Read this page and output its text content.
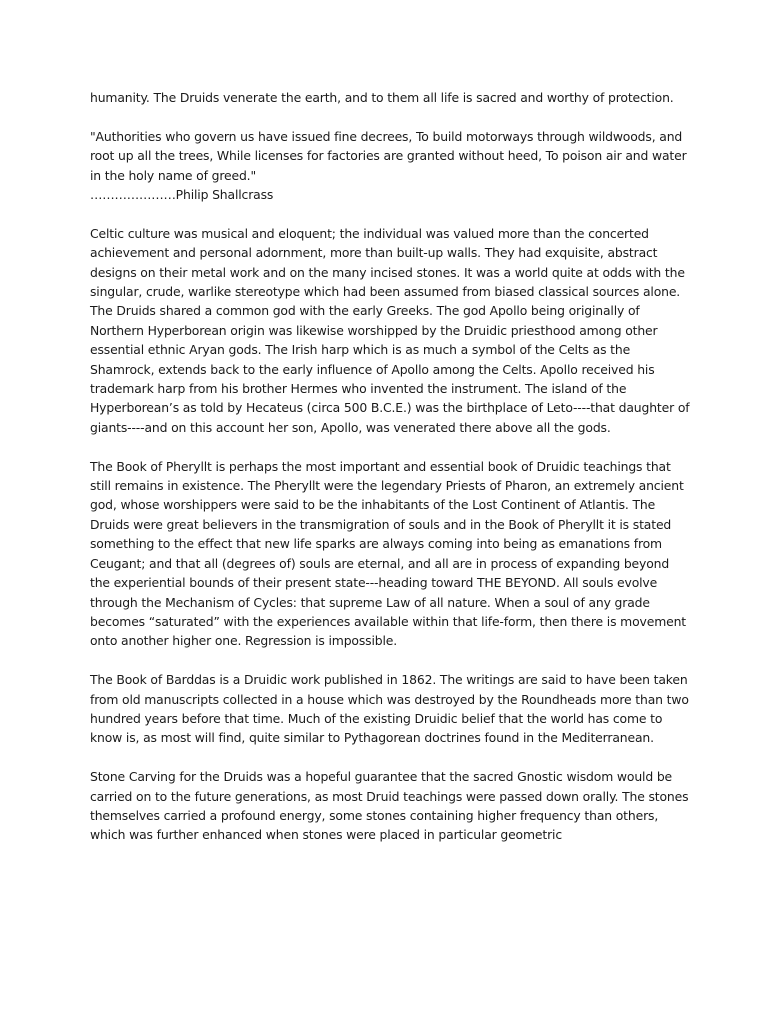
humanity. The Druids venerate the earth, and to them all life is sacred and worthy of protection.

"Authorities who govern us have issued fine decrees, To build motorways through wildwoods, and root up all the trees, While licenses for factories are granted without heed, To poison air and water in the holy name of greed."
…………………Philip Shallcrass

Celtic culture was musical and eloquent; the individual was valued more than the concerted achievement and personal adornment, more than built-up walls. They had exquisite, abstract designs on their metal work and on the many incised stones. It was a world quite at odds with the singular, crude, warlike stereotype which had been assumed from biased classical sources alone. The Druids shared a common god with the early Greeks. The god Apollo being originally of Northern Hyperborean origin was likewise worshipped by the Druidic priesthood among other essential ethnic Aryan gods. The Irish harp which is as much a symbol of the Celts as the Shamrock, extends back to the early influence of Apollo among the Celts. Apollo received his trademark harp from his brother Hermes who invented the instrument. The island of the Hyperborean’s as told by Hecateus (circa 500 B.C.E.) was the birthplace of Leto----that daughter of giants----and on this account her son, Apollo, was venerated there above all the gods.

The Book of Pheryllt is perhaps the most important and essential book of Druidic teachings that still remains in existence. The Pheryllt were the legendary Priests of Pharon, an extremely ancient god, whose worshippers were said to be the inhabitants of the Lost Continent of Atlantis. The Druids were great believers in the transmigration of souls and in the Book of Pheryllt it is stated something to the effect that new life sparks are always coming into being as emanations from Ceugant; and that all (degrees of) souls are eternal, and all are in process of expanding beyond the experiential bounds of their present state---heading toward THE BEYOND. All souls evolve through the Mechanism of Cycles: that supreme Law of all nature. When a soul of any grade becomes “saturated” with the experiences available within that life-form, then there is movement onto another higher one. Regression is impossible.

The Book of Barddas is a Druidic work published in 1862. The writings are said to have been taken from old manuscripts collected in a house which was destroyed by the Roundheads more than two hundred years before that time. Much of the existing Druidic belief that the world has come to know is, as most will find, quite similar to Pythagorean doctrines found in the Mediterranean.

Stone Carving for the Druids was a hopeful guarantee that the sacred Gnostic wisdom would be carried on to the future generations, as most Druid teachings were passed down orally. The stones themselves carried a profound energy, some stones containing higher frequency than others, which was further enhanced when stones were placed in particular geometric
